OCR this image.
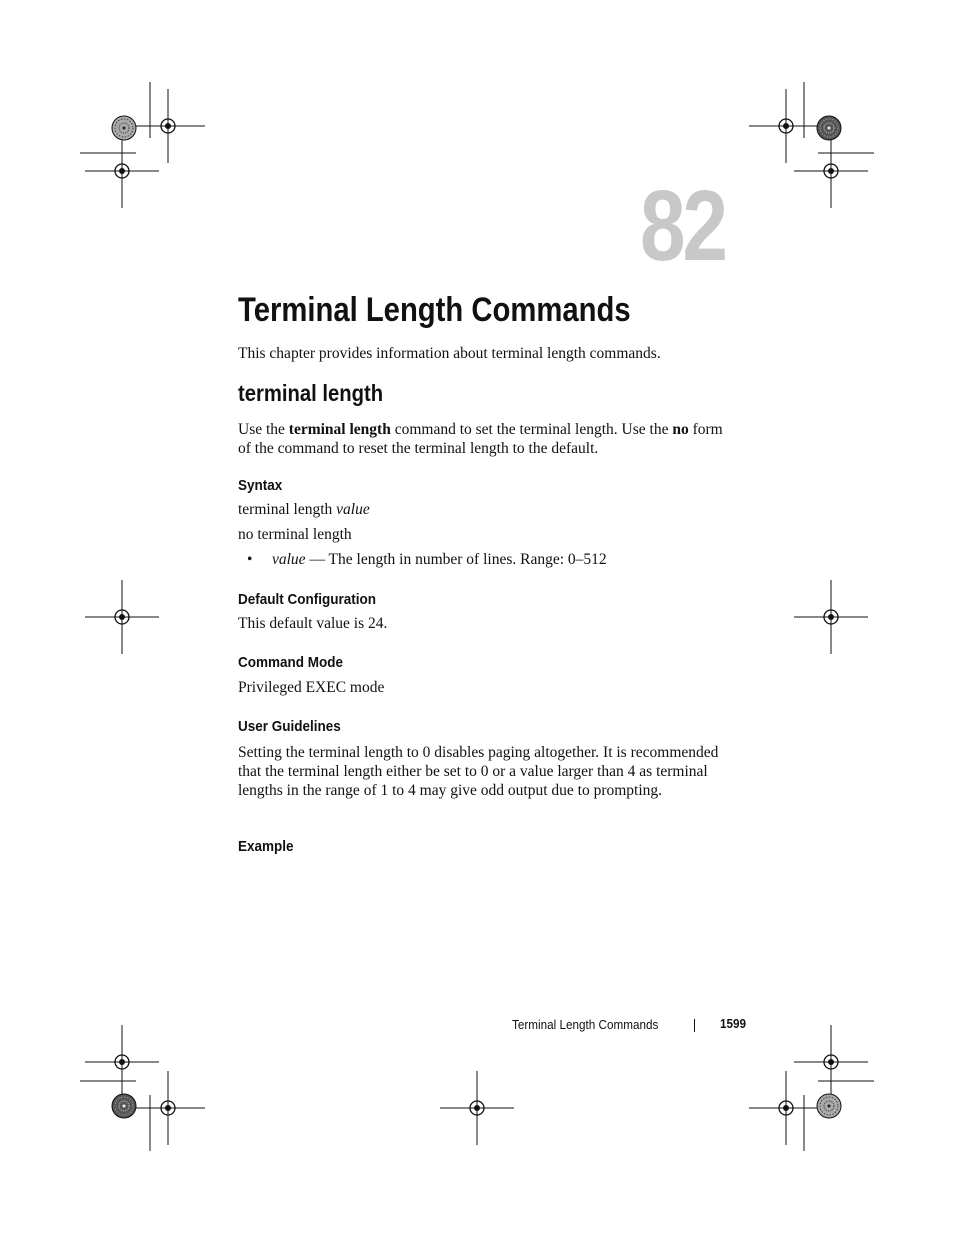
82
Terminal Length Commands
This chapter provides information about terminal length commands.
terminal length
Use the terminal length command to set the terminal length. Use the no form of the command to reset the terminal length to the default.
Syntax
terminal length value
no terminal length
• value — The length in number of lines. Range: 0–512
Default Configuration
This default value is 24.
Command Mode
Privileged EXEC mode
User Guidelines
Setting the terminal length to 0 disables paging altogether. It is recommended that the terminal length either be set to 0 or a value larger than 4 as terminal lengths in the range of 1 to 4 may give odd output due to prompting.
Example
Terminal Length Commands	1599
